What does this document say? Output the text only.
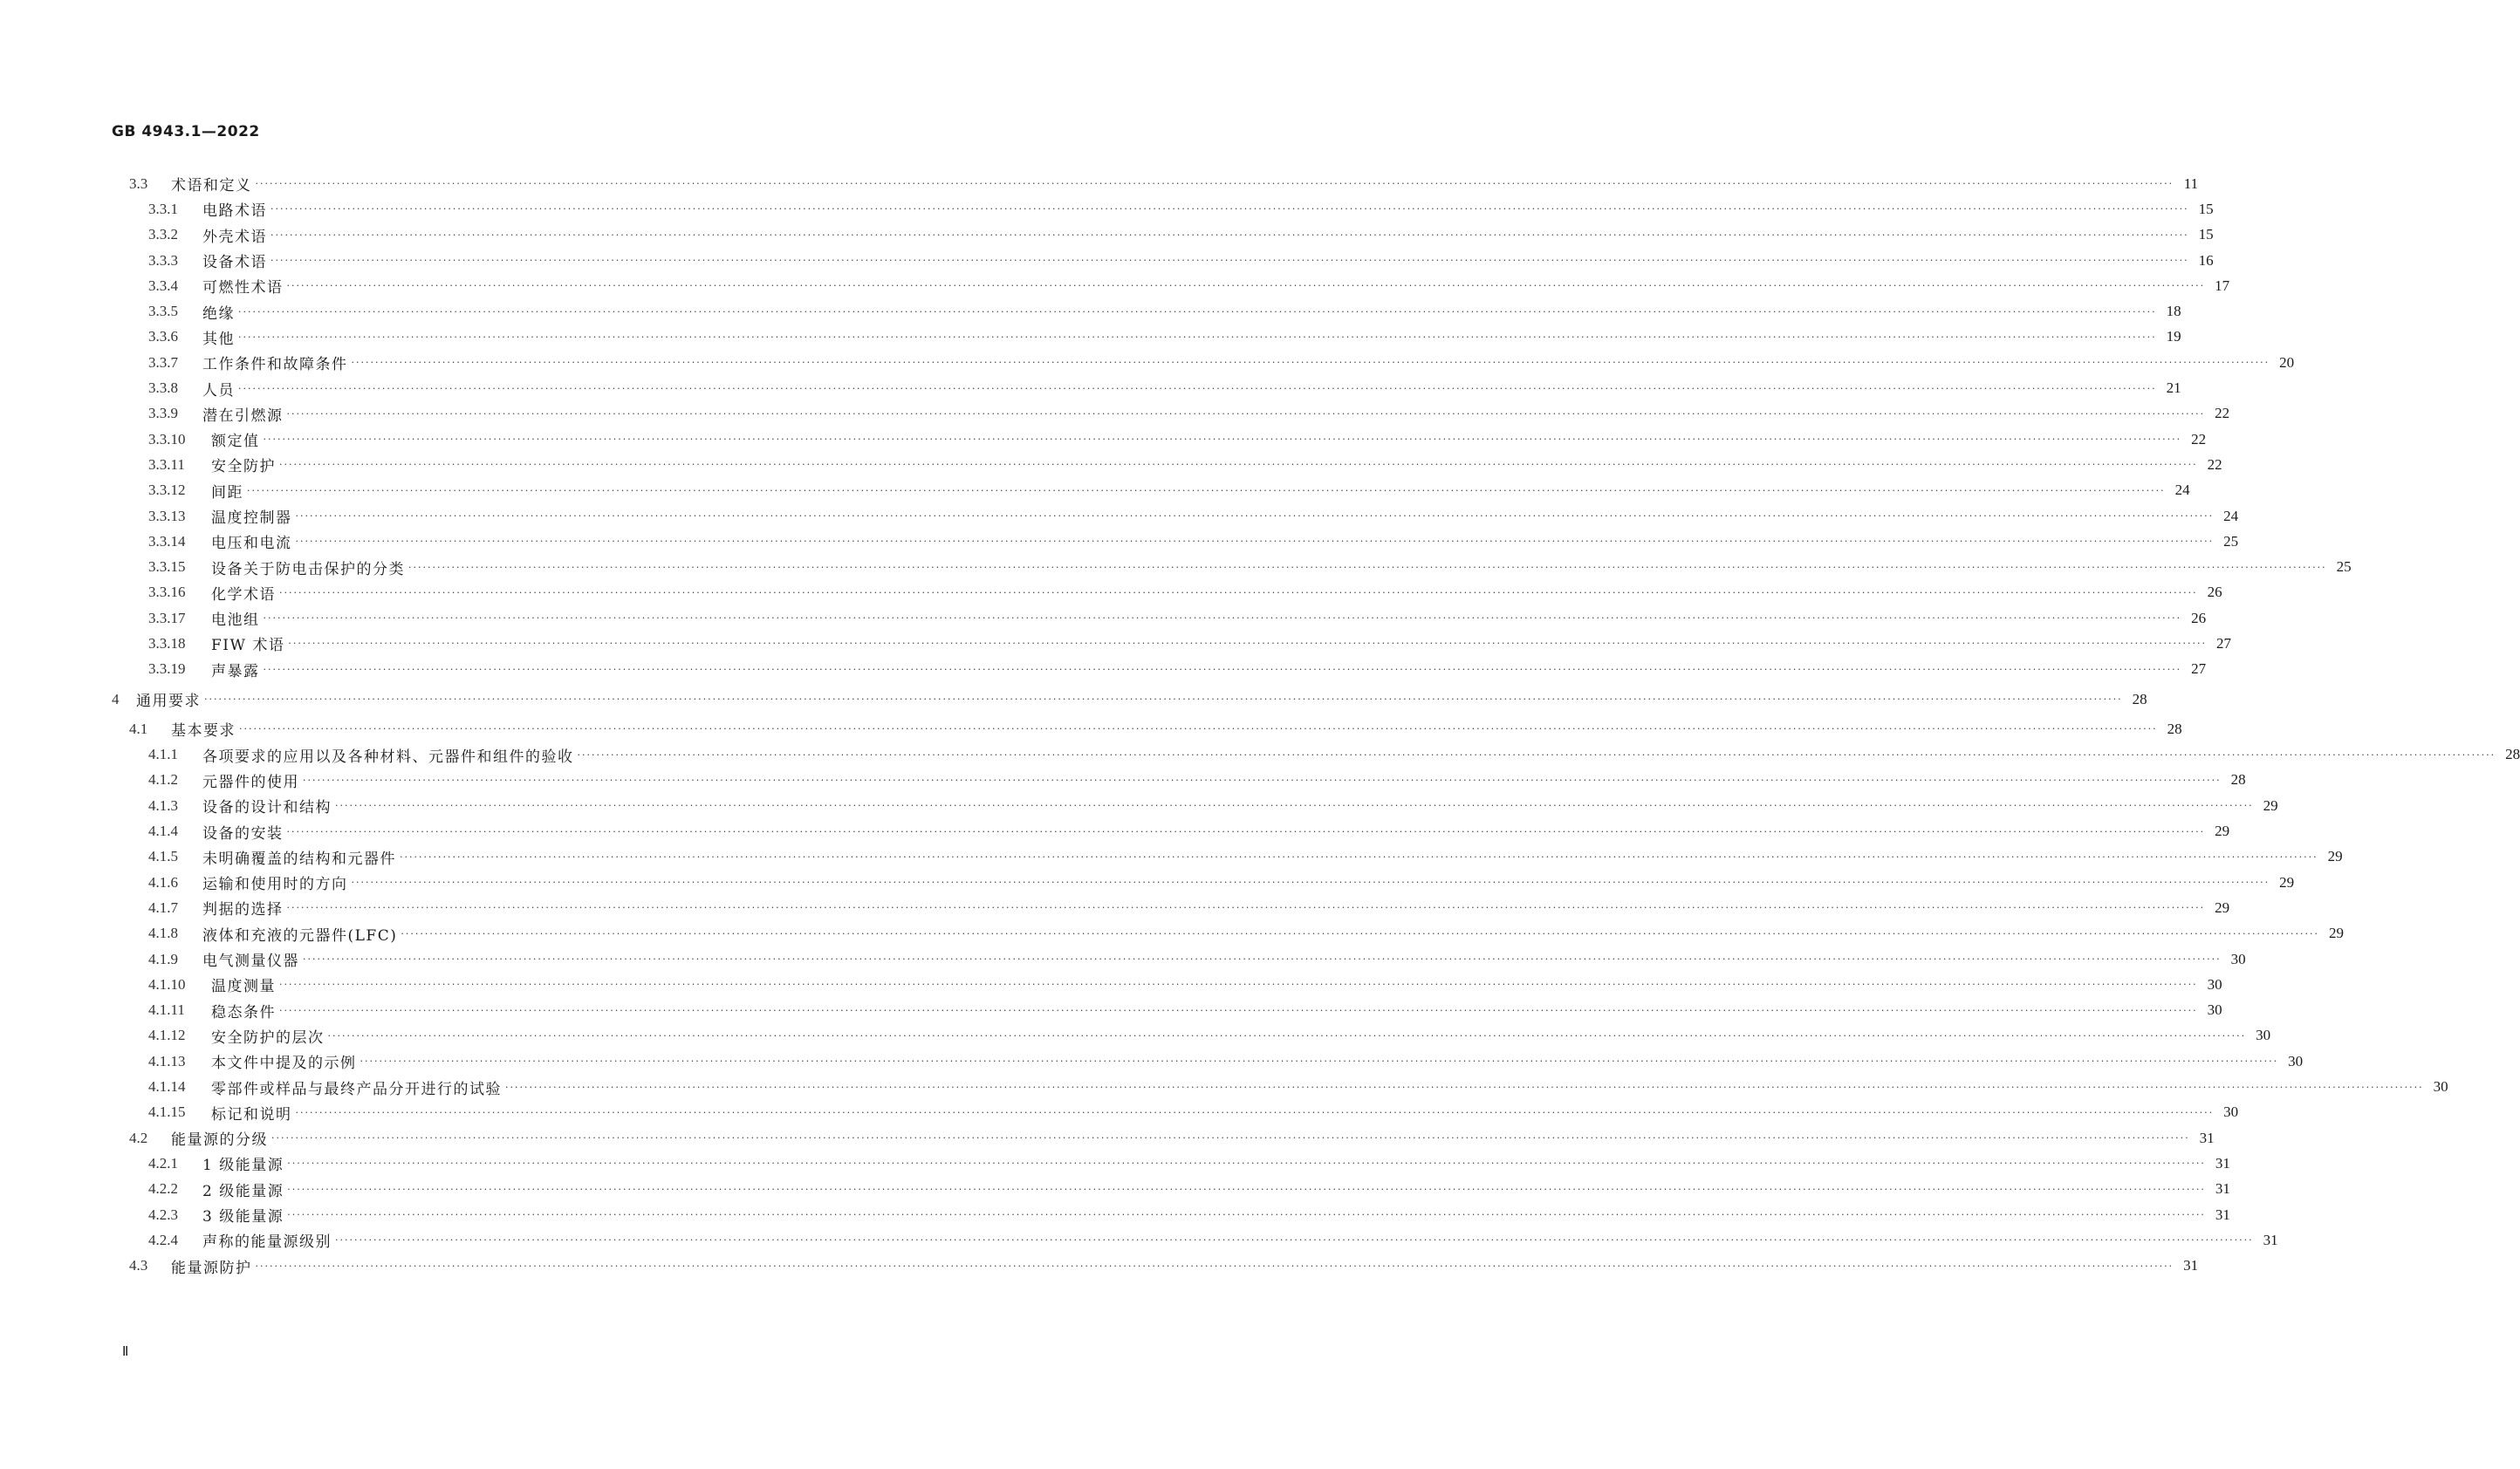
GB 4943.1—2022
3.3	术语和定义 ················································································································································································································································································································································································································ 11
3.3.1	电路术语 ················································································································································································································································································································································································································ 15
3.3.2	外壳术语 ················································································································································································································································································································································································································ 15
3.3.3	设备术语 ················································································································································································································································································································································································································ 16
3.3.4	可燃性术语 ················································································································································································································································································································································································································ 17
3.3.5	绝缘 ················································································································································································································································································································································································································ 18
3.3.6	其他 ················································································································································································································································································································································································································ 19
3.3.7	工作条件和故障条件 ················································································································································································································································································································································································································ 20
3.3.8	人员 ················································································································································································································································································································································································································ 21
3.3.9	潜在引燃源 ················································································································································································································································································································································································································ 22
3.3.10	额定值 ················································································································································································································································································································································································································ 22
3.3.11	安全防护 ················································································································································································································································································································································································································ 22
3.3.12	间距 ················································································································································································································································································································································································································ 24
3.3.13	温度控制器 ················································································································································································································································································································································································································ 24
3.3.14	电压和电流 ················································································································································································································································································································································································································ 25
3.3.15	设备关于防电击保护的分类 ················································································································································································································································································································································································································ 25
3.3.16	化学术语 ················································································································································································································································································································································································································ 26
3.3.17	电池组 ················································································································································································································································································································································································································ 26
3.3.18	FIW 术语 ················································································································································································································································································································································································································ 27
3.3.19	声暴露 ················································································································································································································································································································································································································ 27
4	通用要求 ················································································································································································································································································································································································································ 28
4.1	基本要求 ················································································································································································································································································································································································································ 28
4.1.1	各项要求的应用以及各种材料、元器件和组件的验收 ················································································································································································································································································································································································································ 28
4.1.2	元器件的使用 ················································································································································································································································································································································································································ 28
4.1.3	设备的设计和结构 ················································································································································································································································································································································································································ 29
4.1.4	设备的安装 ················································································································································································································································································································································································································ 29
4.1.5	未明确覆盖的结构和元器件 ················································································································································································································································································································································································································ 29
4.1.6	运输和使用时的方向 ················································································································································································································································································································································································································ 29
4.1.7	判据的选择 ················································································································································································································································································································································································································ 29
4.1.8	液体和充液的元器件(LFC) ················································································································································································································································································································································································································ 29
4.1.9	电气测量仪器 ················································································································································································································································································································································································································ 30
4.1.10	温度测量 ················································································································································································································································································································································································································ 30
4.1.11	稳态条件 ················································································································································································································································································································································································································ 30
4.1.12	安全防护的层次 ················································································································································································································································································································································································································ 30
4.1.13	本文件中提及的示例 ················································································································································································································································································································································································································ 30
4.1.14	零部件或样品与最终产品分开进行的试验 ················································································································································································································································································································································································································ 30
4.1.15	标记和说明 ················································································································································································································································································································································································································ 30
4.2	能量源的分级 ················································································································································································································································································································································································································ 31
4.2.1	1 级能量源 ················································································································································································································································································································································································································ 31
4.2.2	2 级能量源 ················································································································································································································································································································································································································ 31
4.2.3	3 级能量源 ················································································································································································································································································································································································································ 31
4.2.4	声称的能量源级别 ················································································································································································································································································································································································································ 31
4.3	能量源防护 ················································································································································································································································································································································································································ 31
Ⅱ
